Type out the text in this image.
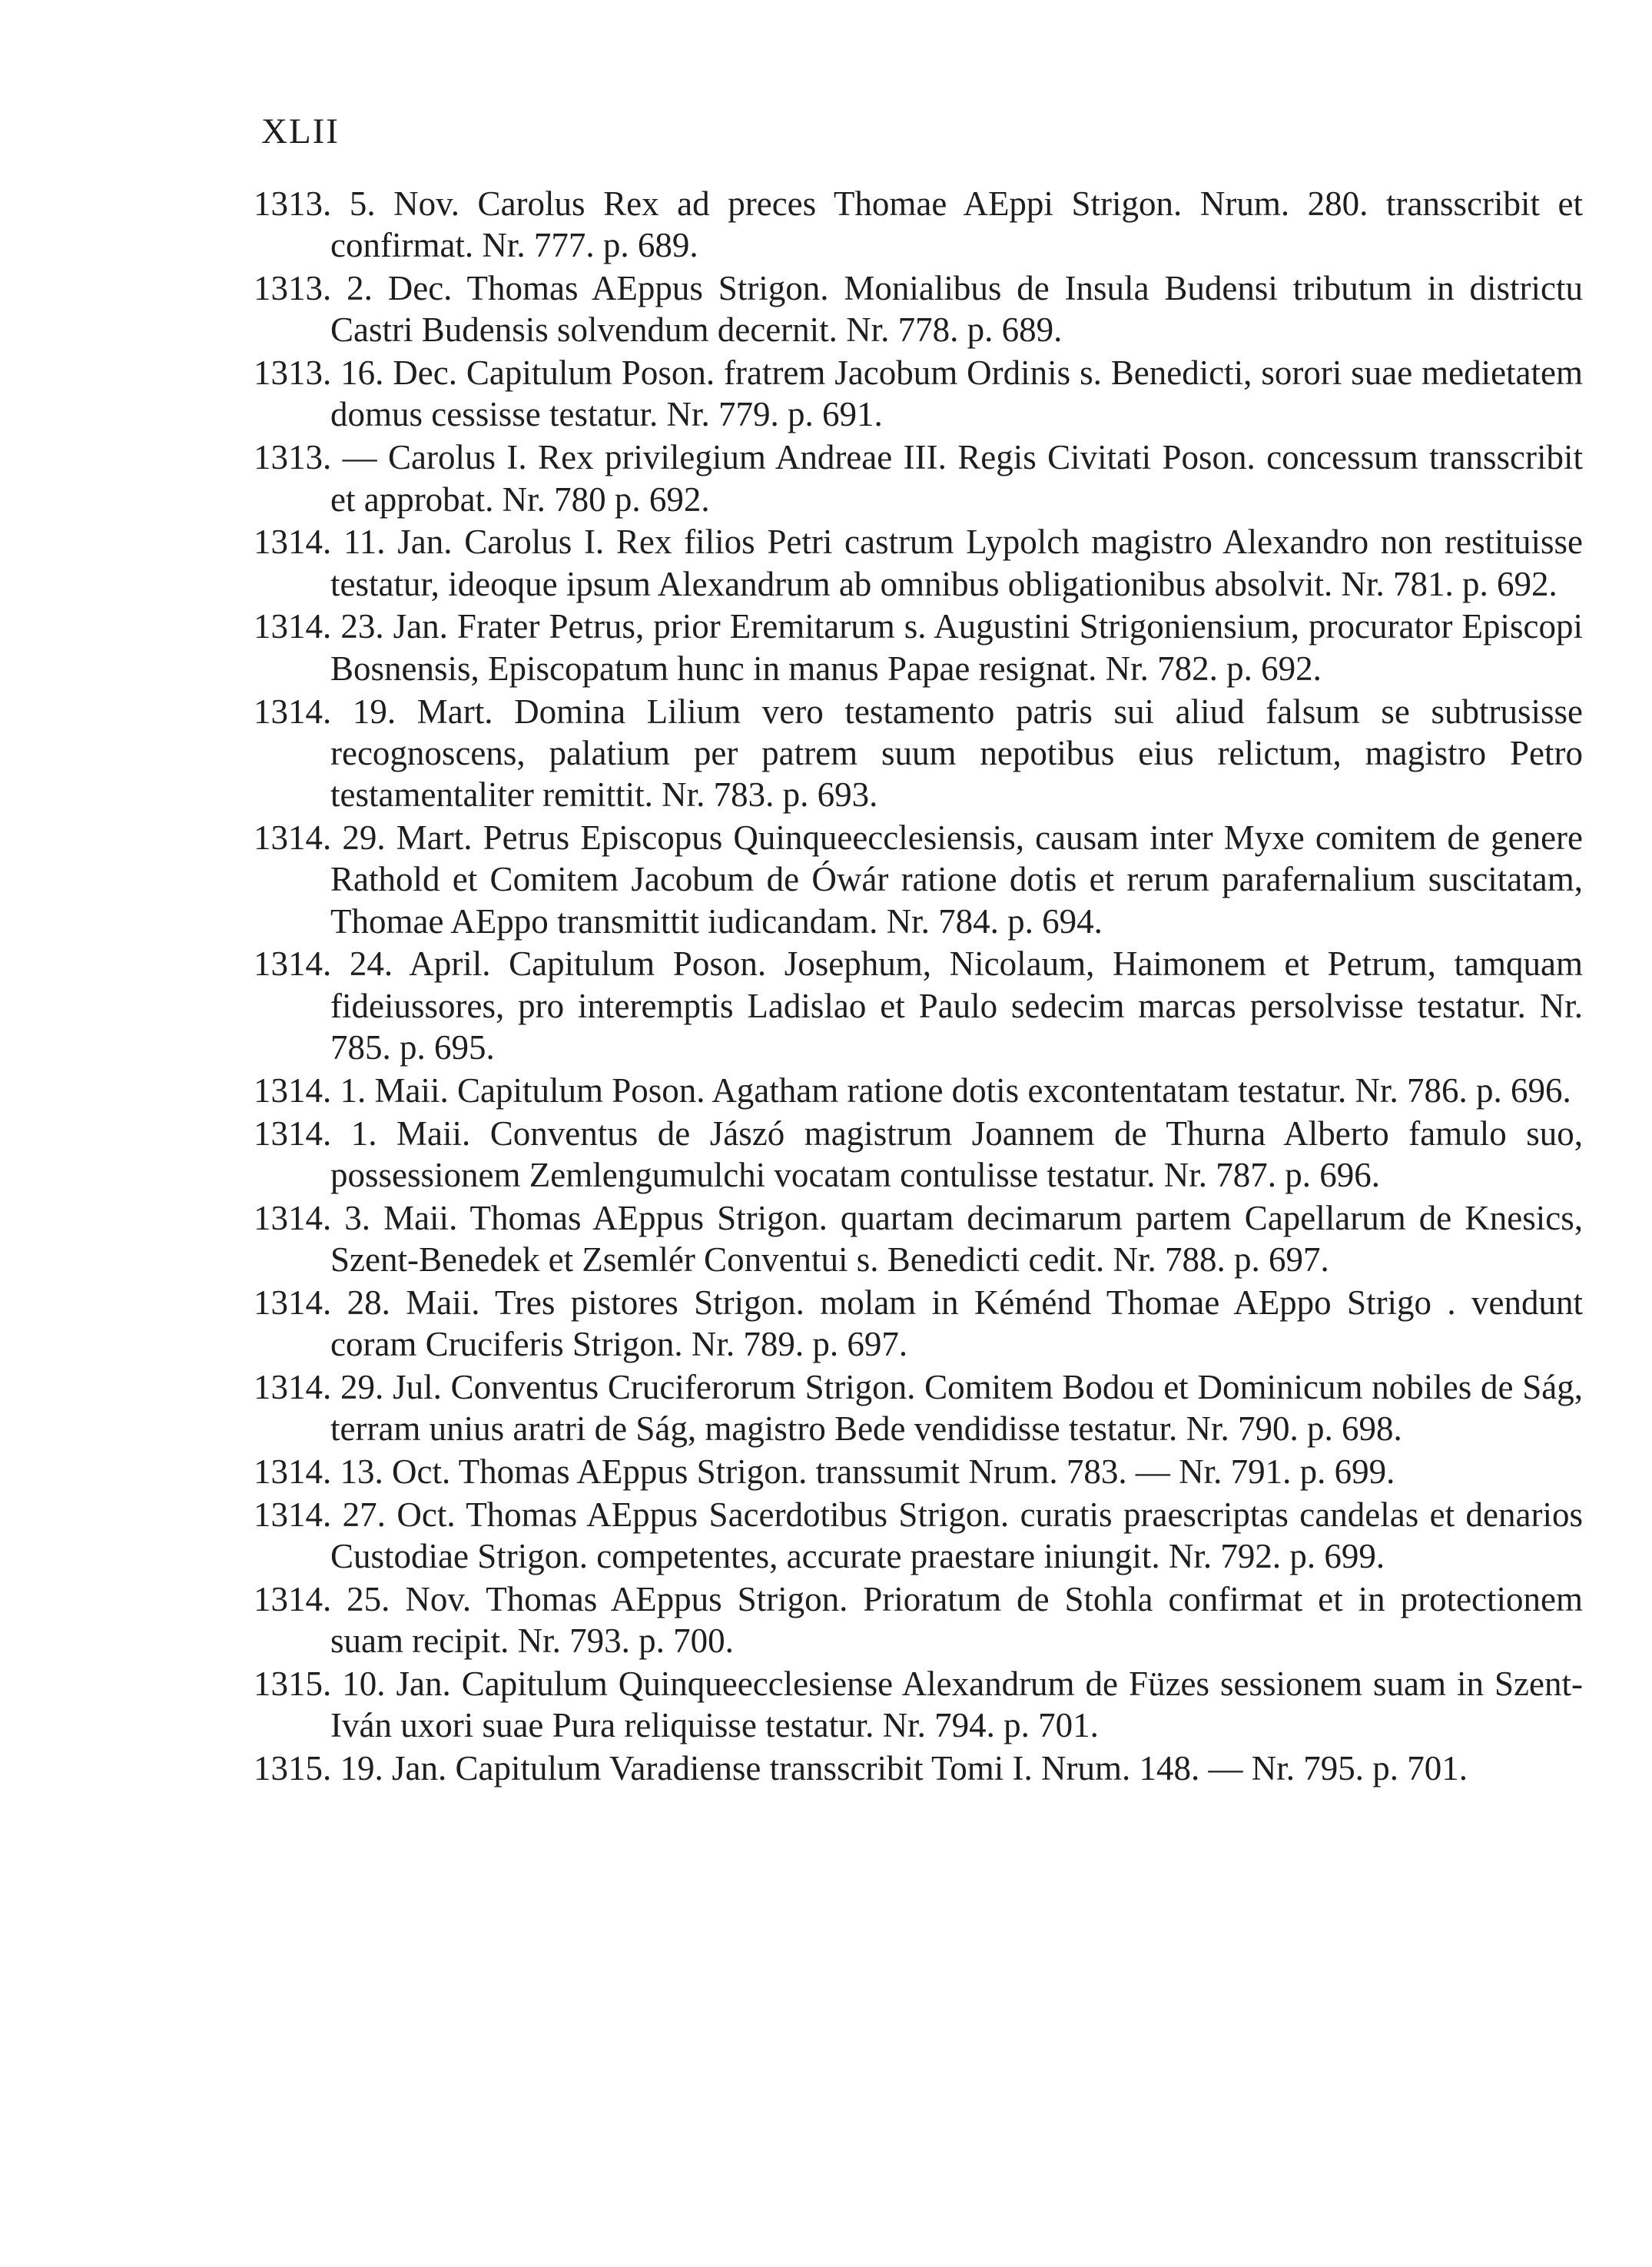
XLII
1313. 5. Nov. Carolus Rex ad preces Thomae AEppi Strigon. Nrum. 280. transscribit et confirmat. Nr. 777. p. 689.
1313. 2. Dec. Thomas AEppus Strigon. Monialibus de Insula Budensi tributum in districtu Castri Budensis solvendum decernit. Nr. 778. p. 689.
1313. 16. Dec. Capitulum Poson. fratrem Jacobum Ordinis s. Benedicti, sorori suae medietatem domus cessisse testatur. Nr. 779. p. 691.
1313. — Carolus I. Rex privilegium Andreae III. Regis Civitati Poson. concessum transscribit et approbat. Nr. 780 p. 692.
1314. 11. Jan. Carolus I. Rex filios Petri castrum Lypolch magistro Alexandro non restituisse testatur, ideoque ipsum Alexandrum ab omnibus obligationibus absolvit. Nr. 781. p. 692.
1314. 23. Jan. Frater Petrus, prior Eremitarum s. Augustini Strigoniensium, procurator Episcopi Bosnensis, Episcopatum hunc in manus Papae resignat. Nr. 782. p. 692.
1314. 19. Mart. Domina Lilium vero testamento patris sui aliud falsum se subtrusisse recognoscens, palatium per patrem suum nepotibus eius relictum, magistro Petro testamentaliter remittit. Nr. 783. p. 693.
1314. 29. Mart. Petrus Episcopus Quinqueecclesiensis, causam inter Myxe comitem de genere Rathold et Comitem Jacobum de Ówár ratione dotis et rerum parafernalium suscitatam, Thomae AEppo transmittit iudicandam. Nr. 784. p. 694.
1314. 24. April. Capitulum Poson. Josephum, Nicolaum, Haimonem et Petrum, tamquam fideiussores, pro interemptis Ladislao et Paulo sedecim marcas persolvisse testatur. Nr. 785. p. 695.
1314. 1. Maii. Capitulum Poson. Agatham ratione dotis excontentatam testatur. Nr. 786. p. 696.
1314. 1. Maii. Conventus de Jászó magistrum Joannem de Thurna Alberto famulo suo, possessionem Zemlengumulchi vocatam contulisse testatur. Nr. 787. p. 696.
1314. 3. Maii. Thomas AEppus Strigon. quartam decimarum partem Capellarum de Knesics, Szent-Benedek et Zsemlér Conventui s. Benedicti cedit. Nr. 788. p. 697.
1314. 28. Maii. Tres pistores Strigon. molam in Kéménd Thomae AEppo Strigo . vendunt coram Cruciferis Strigon. Nr. 789. p. 697.
1314. 29. Jul. Conventus Cruciferorum Strigon. Comitem Bodou et Dominicum nobiles de Ság, terram unius aratri de Ság, magistro Bede vendidisse testatur. Nr. 790. p. 698.
1314. 13. Oct. Thomas AEppus Strigon. transsumit Nrum. 783. — Nr. 791. p. 699.
1314. 27. Oct. Thomas AEppus Sacerdotibus Strigon. curatis praescriptas candelas et denarios Custodiae Strigon. competentes, accurate praestare iniungit. Nr. 792. p. 699.
1314. 25. Nov. Thomas AEppus Strigon. Prioratum de Stohla confirmat et in protectionem suam recipit. Nr. 793. p. 700.
1315. 10. Jan. Capitulum Quinqueecclesiense Alexandrum de Füzes sessionem suam in Szent-Iván uxori suae Pura reliquisse testatur. Nr. 794. p. 701.
1315. 19. Jan. Capitulum Varadiense transscribit Tomi I. Nrum. 148. — Nr. 795. p. 701.
